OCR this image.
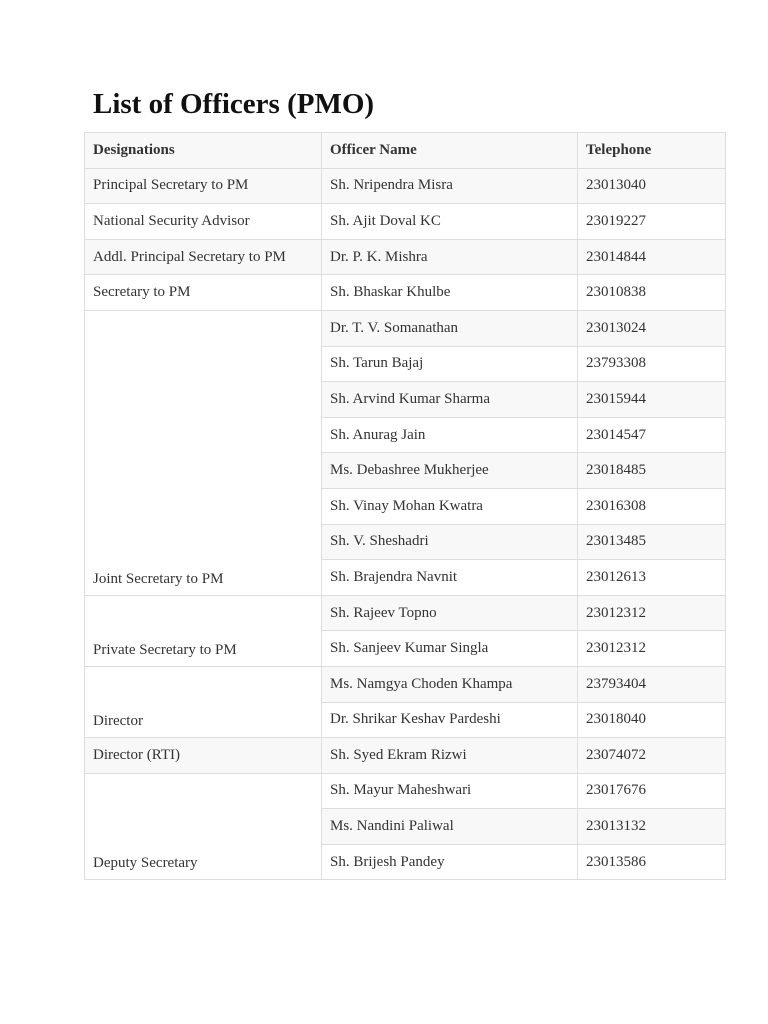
List of Officers (PMO)
Designations	Officer Name	Telephone
Principal Secretary to PM	Sh. Nripendra Misra	23013040
National Security Advisor	Sh. Ajit Doval KC	23019227
Addl. Principal Secretary to PM	Dr. P. K. Mishra	23014844
Secretary to PM	Sh. Bhaskar Khulbe	23010838
Joint Secretary to PM	Dr. T. V. Somanathan	23013024
	Sh. Tarun Bajaj	23793308
	Sh. Arvind Kumar Sharma	23015944
	Sh. Anurag Jain	23014547
	Ms. Debashree Mukherjee	23018485
	Sh. Vinay Mohan Kwatra	23016308
	Sh. V. Sheshadri	23013485
	Sh. Brajendra Navnit	23012613
Private Secretary to PM	Sh. Rajeev Topno	23012312
	Sh. Sanjeev Kumar Singla	23012312
Director	Ms. Namgya Choden Khampa	23793404
	Dr. Shrikar Keshav Pardeshi	23018040
Director (RTI)	Sh. Syed Ekram Rizwi	23074072
Deputy Secretary	Sh. Mayur Maheshwari	23017676
	Ms. Nandini Paliwal	23013132
	Sh. Brijesh Pandey	23013586
